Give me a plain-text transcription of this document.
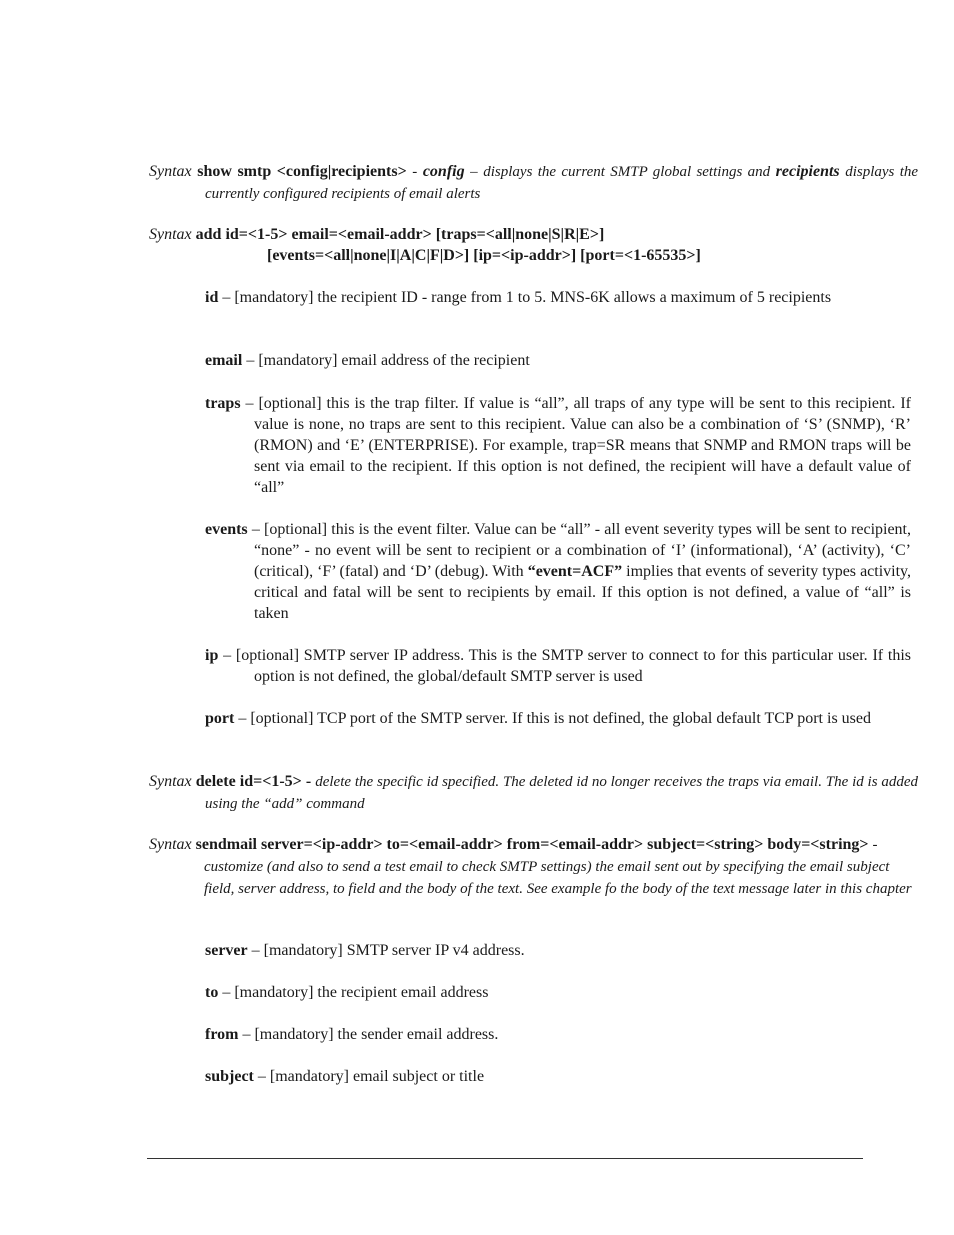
Syntax show smtp <config|recipients> - config – displays the current SMTP global settings and recipients displays the currently configured recipients of email alerts

Syntax add id=<1-5> email=<email-addr> [traps=<all|none|S|R|E>]
[events=<all|none|I|A|C|F|D>] [ip=<ip-addr>] [port=<1-65535>]

id – [mandatory] the recipient ID - range from 1 to 5. MNS-6K allows a maximum of 5 recipients

email – [mandatory] email address of the recipient

traps – [optional] this is the trap filter. If value is “all”, all traps of any type will be sent to this recipient. If value is none, no traps are sent to this recipient. Value can also be a combination of ‘S’ (SNMP), ‘R’ (RMON) and ‘E’ (ENTERPRISE). For example, trap=SR means that SNMP and RMON traps will be sent via email to the recipient. If this option is not defined, the recipient will have a default value of “all”

events – [optional] this is the event filter. Value can be “all” - all event severity types will be sent to recipient, “none” - no event will be sent to recipient or a combination of ‘I’ (informational), ‘A’ (activity), ‘C’ (critical), ‘F’ (fatal) and ‘D’ (debug). With “event=ACF” implies that events of severity types activity, critical and fatal will be sent to recipients by email. If this option is not defined, a value of “all” is taken

ip – [optional] SMTP server IP address. This is the SMTP server to connect to for this particular user. If this option is not defined, the global/default SMTP server is used

port – [optional] TCP port of the SMTP server. If this is not defined, the global default TCP port is used

Syntax delete id=<1-5> - delete the specific id specified. The deleted id no longer receives the traps via email. The id is added using the “add” command

Syntax sendmail server=<ip-addr> to=<email-addr> from=<email-addr> subject=<string> body=<string> - customize (and also to send a test email to check SMTP settings) the email sent out by specifying the email subject field, server address, to field and the body of the text. See example fo the body of the text message later in this chapter

server – [mandatory] SMTP server IP v4 address.

to – [mandatory] the recipient email address

from – [mandatory] the sender email address.

subject – [mandatory] email subject or title
